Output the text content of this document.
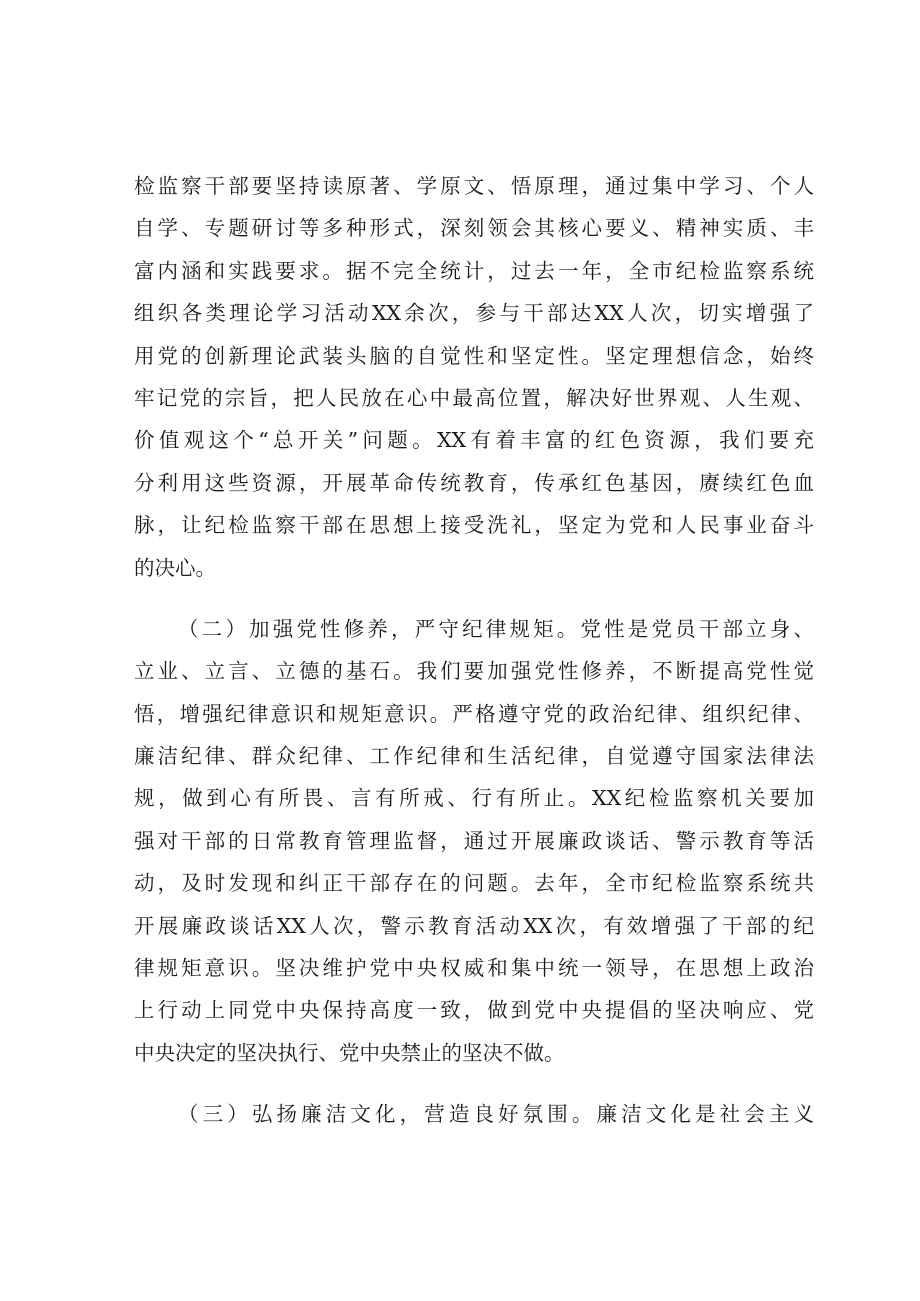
检监察干部要坚持读原著、学原文、悟原理，通过集中学习、个人
自学、专题研讨等多种形式，深刻领会其核心要义、精神实质、丰
富内涵和实践要求。据不完全统计，过去一年，全市纪检监察系统
组织各类理论学习活动XX余次，参与干部达XX人次，切实增强了
用党的创新理论武装头脑的自觉性和坚定性。坚定理想信念，始终
牢记党的宗旨，把人民放在心中最高位置，解决好世界观、人生观、
价值观这个“总开关”问题。XX有着丰富的红色资源，我们要充
分利用这些资源，开展革命传统教育，传承红色基因，赓续红色血
脉，让纪检监察干部在思想上接受洗礼，坚定为党和人民事业奋斗
的决心。
（二）加强党性修养，严守纪律规矩。党性是党员干部立身、
立业、立言、立德的基石。我们要加强党性修养，不断提高党性觉
悟，增强纪律意识和规矩意识。严格遵守党的政治纪律、组织纪律、
廉洁纪律、群众纪律、工作纪律和生活纪律，自觉遵守国家法律法
规，做到心有所畏、言有所戒、行有所止。XX纪检监察机关要加
强对干部的日常教育管理监督，通过开展廉政谈话、警示教育等活
动，及时发现和纠正干部存在的问题。去年，全市纪检监察系统共
开展廉政谈话XX人次，警示教育活动XX次，有效增强了干部的纪
律规矩意识。坚决维护党中央权威和集中统一领导，在思想上政治
上行动上同党中央保持高度一致，做到党中央提倡的坚决响应、党
中央决定的坚决执行、党中央禁止的坚决不做。
（三）弘扬廉洁文化，营造良好氛围。廉洁文化是社会主义
